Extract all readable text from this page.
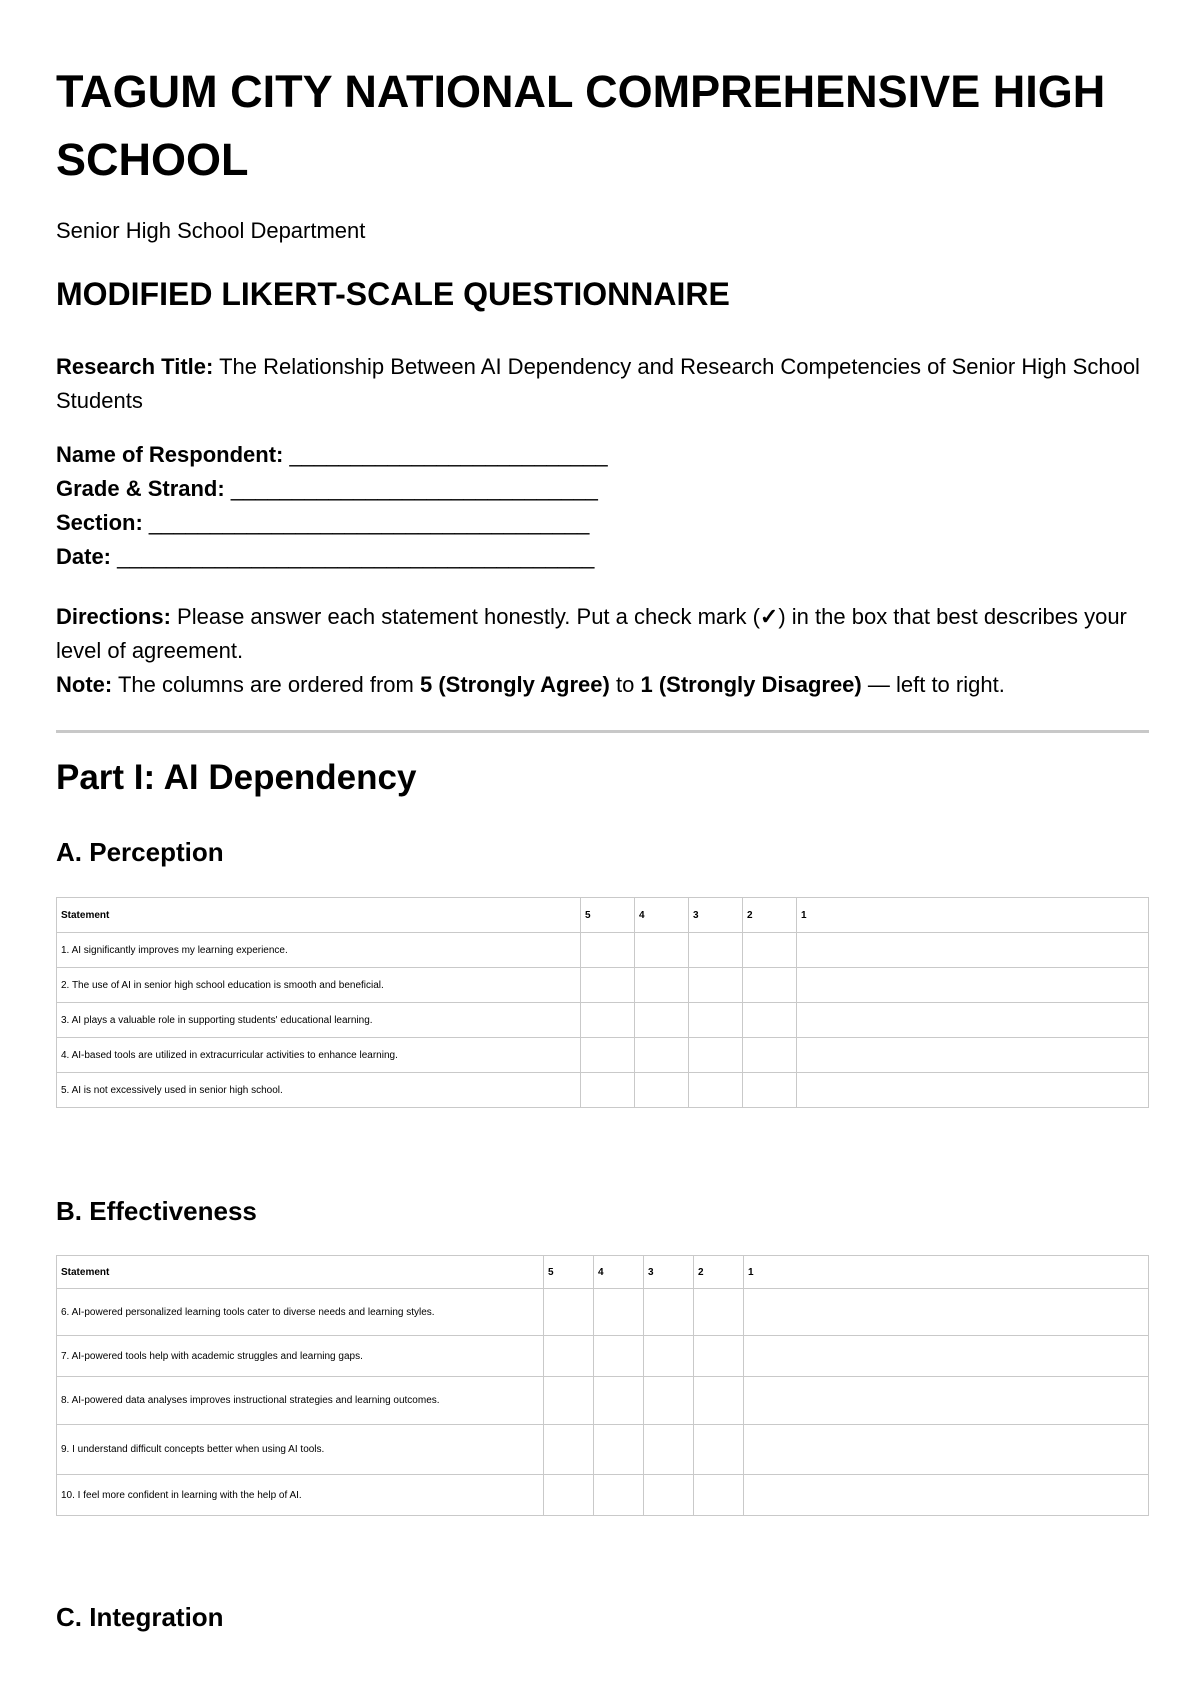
TAGUM CITY NATIONAL COMPREHENSIVE HIGH SCHOOL

Senior High School Department

MODIFIED LIKERT-SCALE QUESTIONNAIRE

Research Title: The Relationship Between AI Dependency and Research Competencies of Senior High School Students

Name of Respondent: __________________________
Grade & Strand: ______________________________
Section: ____________________________________
Date: _______________________________________
Directions: Please answer each statement honestly. Put a check mark (✓) in the box that best describes your level of agreement.
Note: The columns are ordered from 5 (Strongly Agree) to 1 (Strongly Disagree) — left to right.
Part I: AI Dependency
A. Perception
Statement	5	4	3	2	1
1. AI significantly improves my learning experience.					
2. The use of AI in senior high school education is smooth and beneficial.					
3. AI plays a valuable role in supporting students' educational learning.					
4. AI-based tools are utilized in extracurricular activities to enhance learning.					
5. AI is not excessively used in senior high school.					
B. Effectiveness
Statement	5	4	3	2	1
6. AI-powered personalized learning tools cater to diverse needs and learning styles.					
7. AI-powered tools help with academic struggles and learning gaps.					
8. AI-powered data analyses improves instructional strategies and learning outcomes.					
9. I understand difficult concepts better when using AI tools.					
10. I feel more confident in learning with the help of AI.					
C. Integration
